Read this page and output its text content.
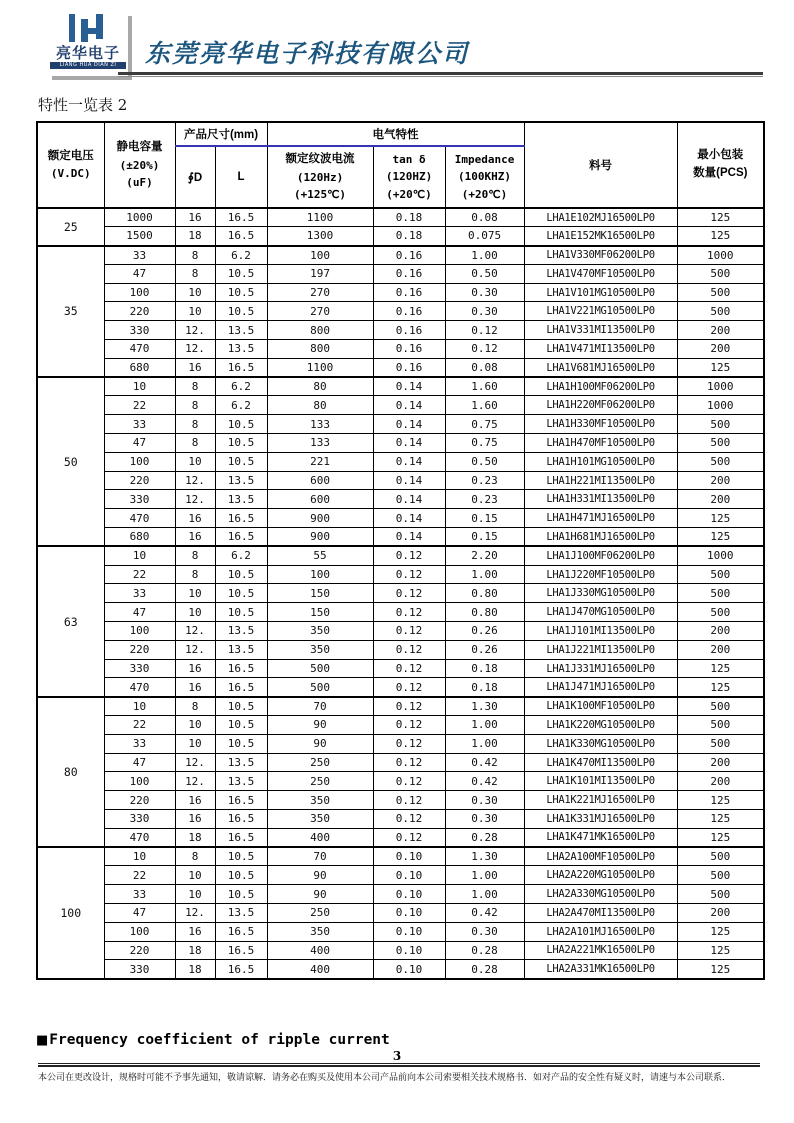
亮华电子
LIANG HUA DIAN ZI	东莞亮华电子科技有限公司
特性一览表 2
额定电压
(V.DC)

静电容量
(±20%)
(uF)
	产品尺寸(mm)	电气特性	料号	
最小包装
数量(PCS)

∮D	L	
额定纹波电流
(120Hz)
(+125℃)

tan δ
(120HZ)
(+20℃)

Impedance
(100KHZ)
(+20℃)

25	1000	16	16.5	1100	0.18	0.08	LHA1E102MJ16500LP0	125
	1500	18	16.5	1300	0.18	0.075	LHA1E152MK16500LP0	125
35	33	8	6.2	100	0.16	1.00	LHA1V330MF06200LP0	1000
	47	8	10.5	197	0.16	0.50	LHA1V470MF10500LP0	500
	100	10	10.5	270	0.16	0.30	LHA1V101MG10500LP0	500
	220	10	10.5	270	0.16	0.30	LHA1V221MG10500LP0	500
	330	12.	13.5	800	0.16	0.12	LHA1V331MI13500LP0	200
	470	12.	13.5	800	0.16	0.12	LHA1V471MI13500LP0	200
	680	16	16.5	1100	0.16	0.08	LHA1V681MJ16500LP0	125
50	10	8	6.2	80	0.14	1.60	LHA1H100MF06200LP0	1000
	22	8	6.2	80	0.14	1.60	LHA1H220MF06200LP0	1000
	33	8	10.5	133	0.14	0.75	LHA1H330MF10500LP0	500
	47	8	10.5	133	0.14	0.75	LHA1H470MF10500LP0	500
	100	10	10.5	221	0.14	0.50	LHA1H101MG10500LP0	500
	220	12.	13.5	600	0.14	0.23	LHA1H221MI13500LP0	200
	330	12.	13.5	600	0.14	0.23	LHA1H331MI13500LP0	200
	470	16	16.5	900	0.14	0.15	LHA1H471MJ16500LP0	125
	680	16	16.5	900	0.14	0.15	LHA1H681MJ16500LP0	125
63	10	8	6.2	55	0.12	2.20	LHA1J100MF06200LP0	1000
	22	8	10.5	100	0.12	1.00	LHA1J220MF10500LP0	500
	33	10	10.5	150	0.12	0.80	LHA1J330MG10500LP0	500
	47	10	10.5	150	0.12	0.80	LHA1J470MG10500LP0	500
	100	12.	13.5	350	0.12	0.26	LHA1J101MI13500LP0	200
	220	12.	13.5	350	0.12	0.26	LHA1J221MI13500LP0	200
	330	16	16.5	500	0.12	0.18	LHA1J331MJ16500LP0	125
	470	16	16.5	500	0.12	0.18	LHA1J471MJ16500LP0	125
80	10	8	10.5	70	0.12	1.30	LHA1K100MF10500LP0	500
	22	10	10.5	90	0.12	1.00	LHA1K220MG10500LP0	500
	33	10	10.5	90	0.12	1.00	LHA1K330MG10500LP0	500
	47	12.	13.5	250	0.12	0.42	LHA1K470MI13500LP0	200
	100	12.	13.5	250	0.12	0.42	LHA1K101MI13500LP0	200
	220	16	16.5	350	0.12	0.30	LHA1K221MJ16500LP0	125
	330	16	16.5	350	0.12	0.30	LHA1K331MJ16500LP0	125
	470	18	16.5	400	0.12	0.28	LHA1K471MK16500LP0	125
100	10	8	10.5	70	0.10	1.30	LHA2A100MF10500LP0	500
	22	10	10.5	90	0.10	1.00	LHA2A220MG10500LP0	500
	33	10	10.5	90	0.10	1.00	LHA2A330MG10500LP0	500
	47	12.	13.5	250	0.10	0.42	LHA2A470MI13500LP0	200
	100	16	16.5	350	0.10	0.30	LHA2A101MJ16500LP0	125
	220	18	16.5	400	0.10	0.28	LHA2A221MK16500LP0	125
	330	18	16.5	400	0.10	0.28	LHA2A331MK16500LP0	125
■ Frequency coefficient of ripple current
3
本公司在更改设计，规格时可能不予事先通知，敬请谅解．请务必在购买及使用本公司产品前向本公司索要相关技术规格书．如对产品的安全性有疑义时，请速与本公司联系．
